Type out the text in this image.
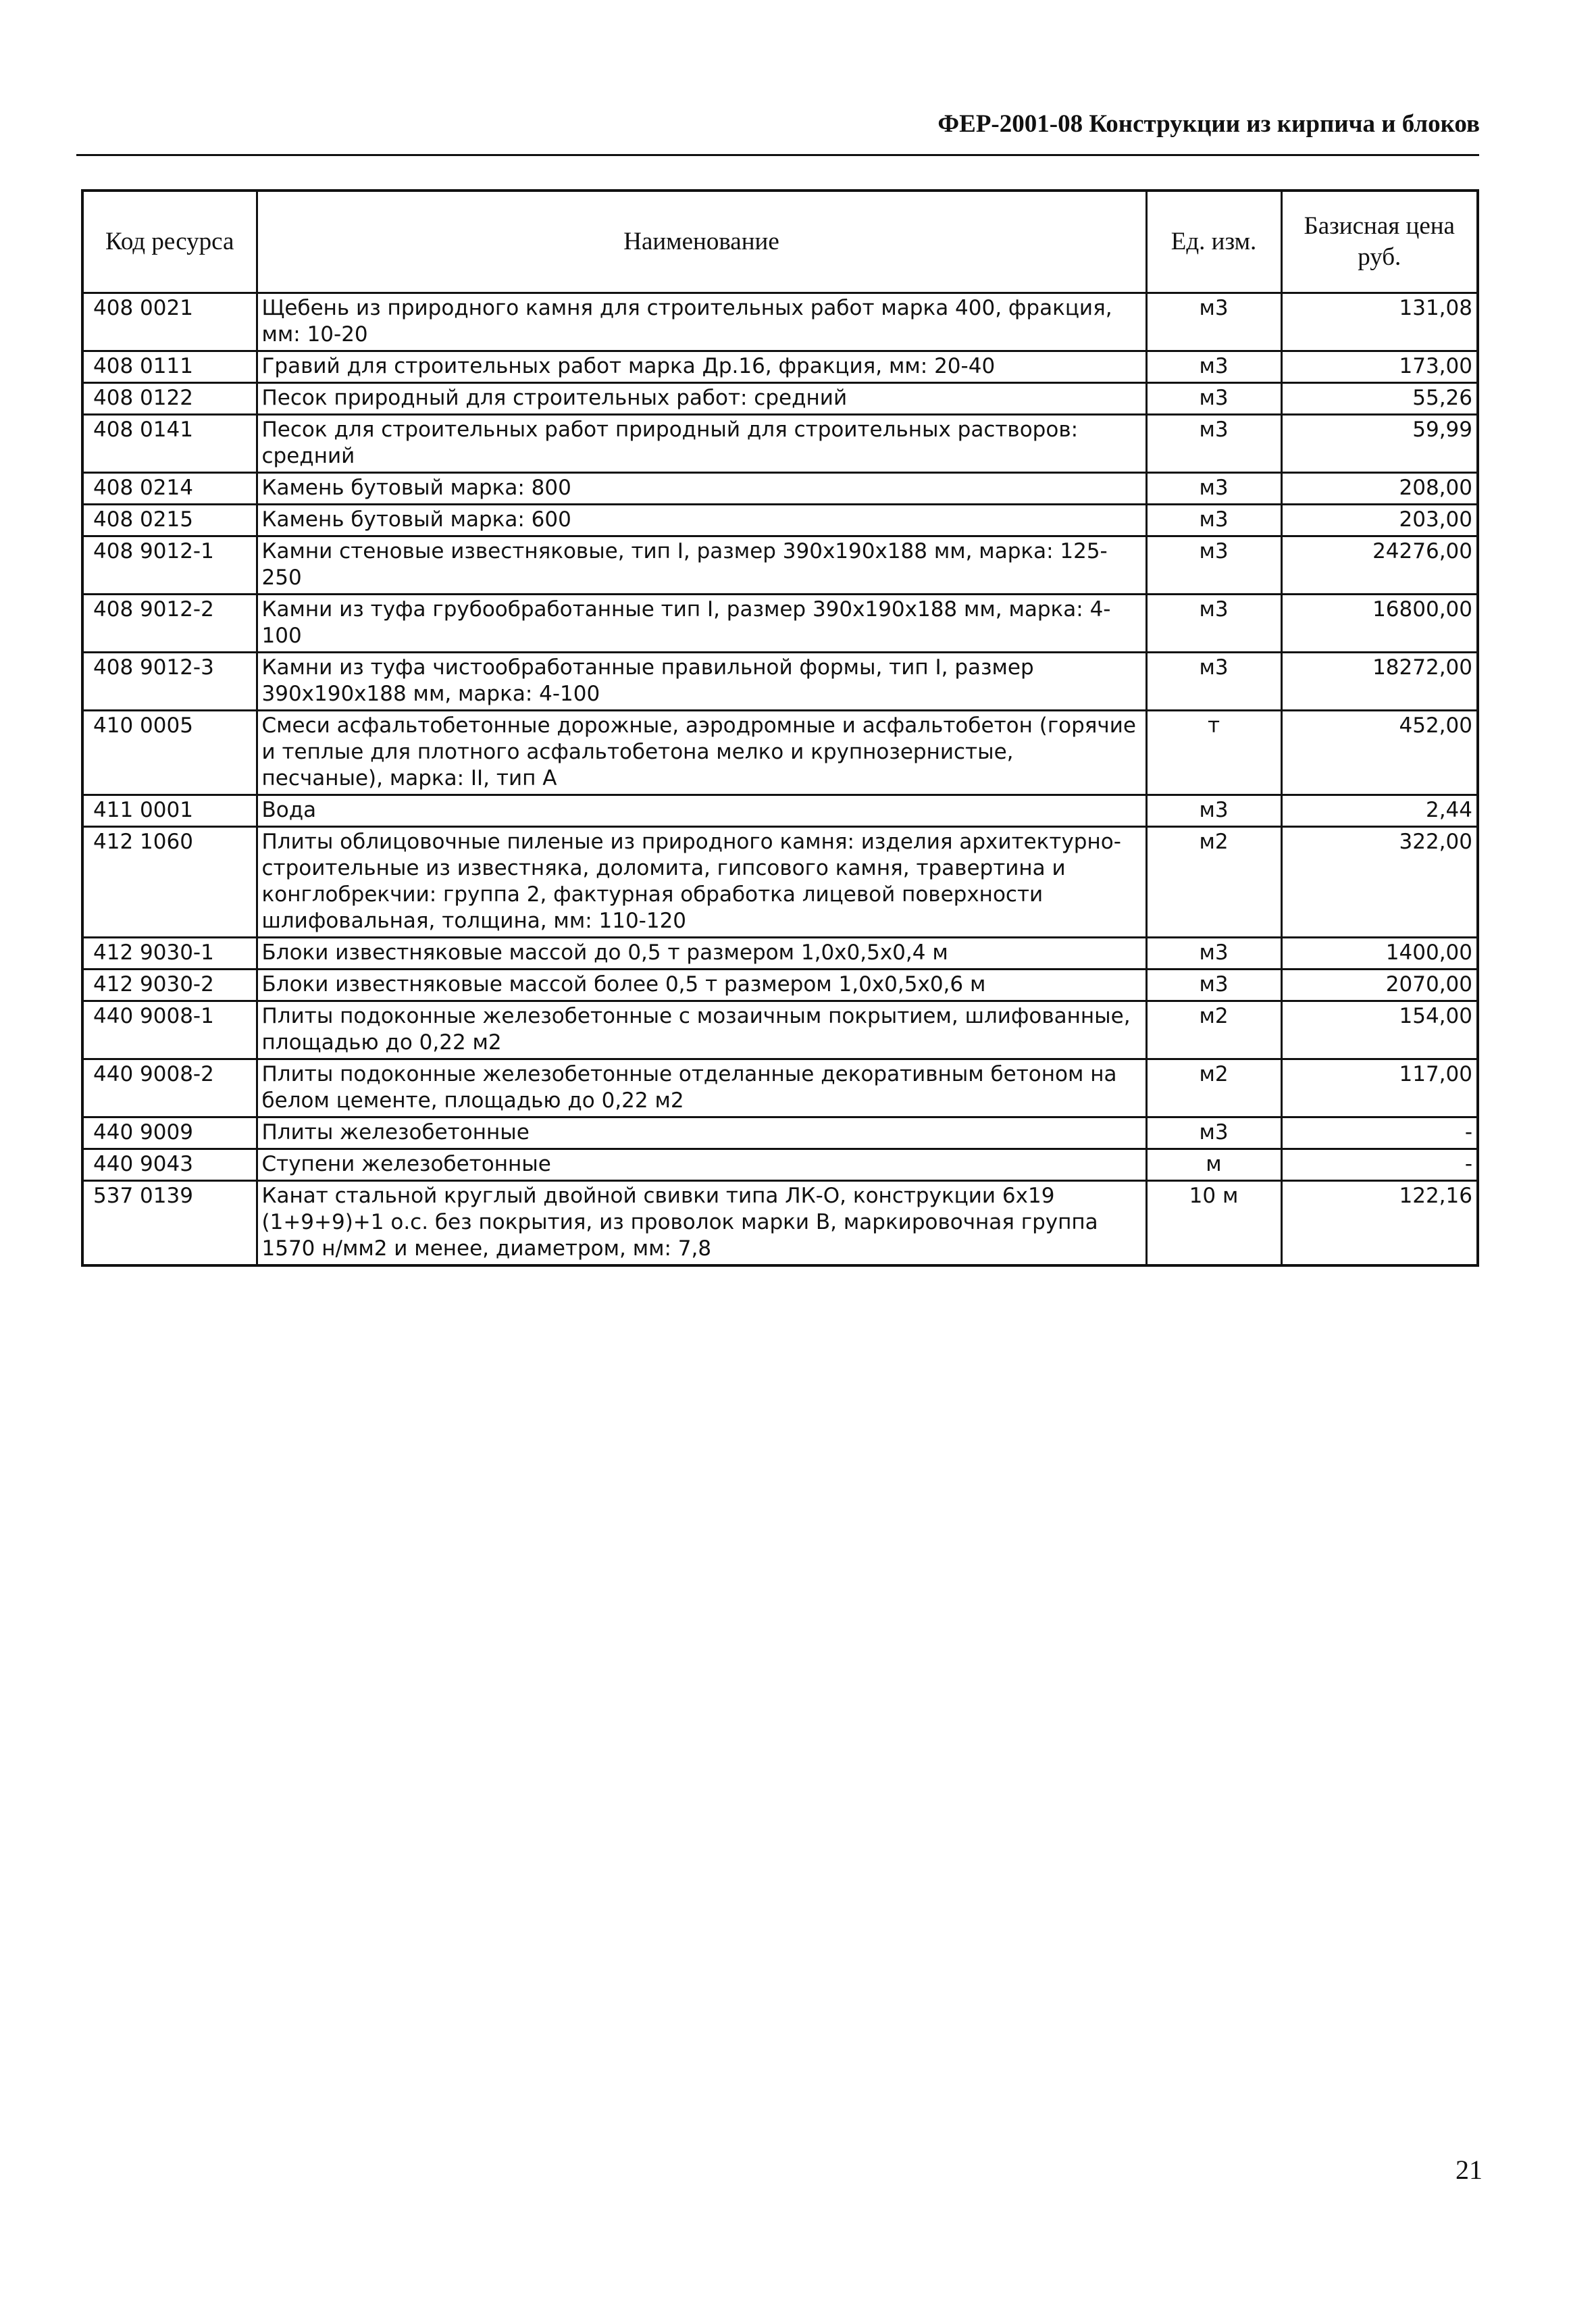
ФЕР-2001-08 Конструкции из кирпича и блоков
Код ресурса	Наименование	Ед. изм.	Базисная цена руб.
408 0021	Щебень из природного камня для строительных работ марка 400, фракция, мм: 10-20	м3	131,08
408 0111	Гравий для строительных работ марка Др.16, фракция, мм: 20-40	м3	173,00
408 0122	Песок природный для строительных работ: средний	м3	55,26
408 0141	Песок для строительных работ природный для строительных растворов: средний	м3	59,99
408 0214	Камень бутовый марка: 800	м3	208,00
408 0215	Камень бутовый марка: 600	м3	203,00
408 9012-1	Камни стеновые известняковые, тип I, размер 390x190x188 мм, марка: 125-250	м3	24276,00
408 9012-2	Камни из туфа грубообработанные тип I, размер 390x190x188 мм, марка: 4-100	м3	16800,00
408 9012-3	Камни из туфа чистообработанные правильной формы, тип I, размер 390x190x188 мм, марка: 4-100	м3	18272,00
410 0005	Смеси асфальтобетонные дорожные, аэродромные и асфальтобетон (горячие и теплые для плотного асфальтобетона мелко и крупнозернистые, песчаные), марка: II, тип А	т	452,00
411 0001	Вода	м3	2,44
412 1060	Плиты облицовочные пиленые из природного камня: изделия архитектурно-строительные из известняка, доломита, гипсового камня, травертина и конглобрекчии: группа 2, фактурная обработка лицевой поверхности шлифовальная, толщина, мм: 110-120	м2	322,00
412 9030-1	Блоки известняковые массой до 0,5 т размером 1,0x0,5x0,4 м	м3	1400,00
412 9030-2	Блоки известняковые массой более 0,5 т размером 1,0x0,5x0,6 м	м3	2070,00
440 9008-1	Плиты подоконные железобетонные с мозаичным покрытием, шлифованные, площадью до 0,22 м2	м2	154,00
440 9008-2	Плиты подоконные железобетонные отделанные декоративным бетоном на белом цементе, площадью до 0,22 м2	м2	117,00
440 9009	Плиты железобетонные	м3	-
440 9043	Ступени железобетонные	м	-
537 0139	Канат стальной круглый двойной свивки типа ЛК-О, конструкции 6x19 (1+9+9)+1 о.с. без покрытия, из проволок марки В, маркировочная группа 1570 н/мм2 и менее, диаметром, мм: 7,8	10 м	122,16
21
